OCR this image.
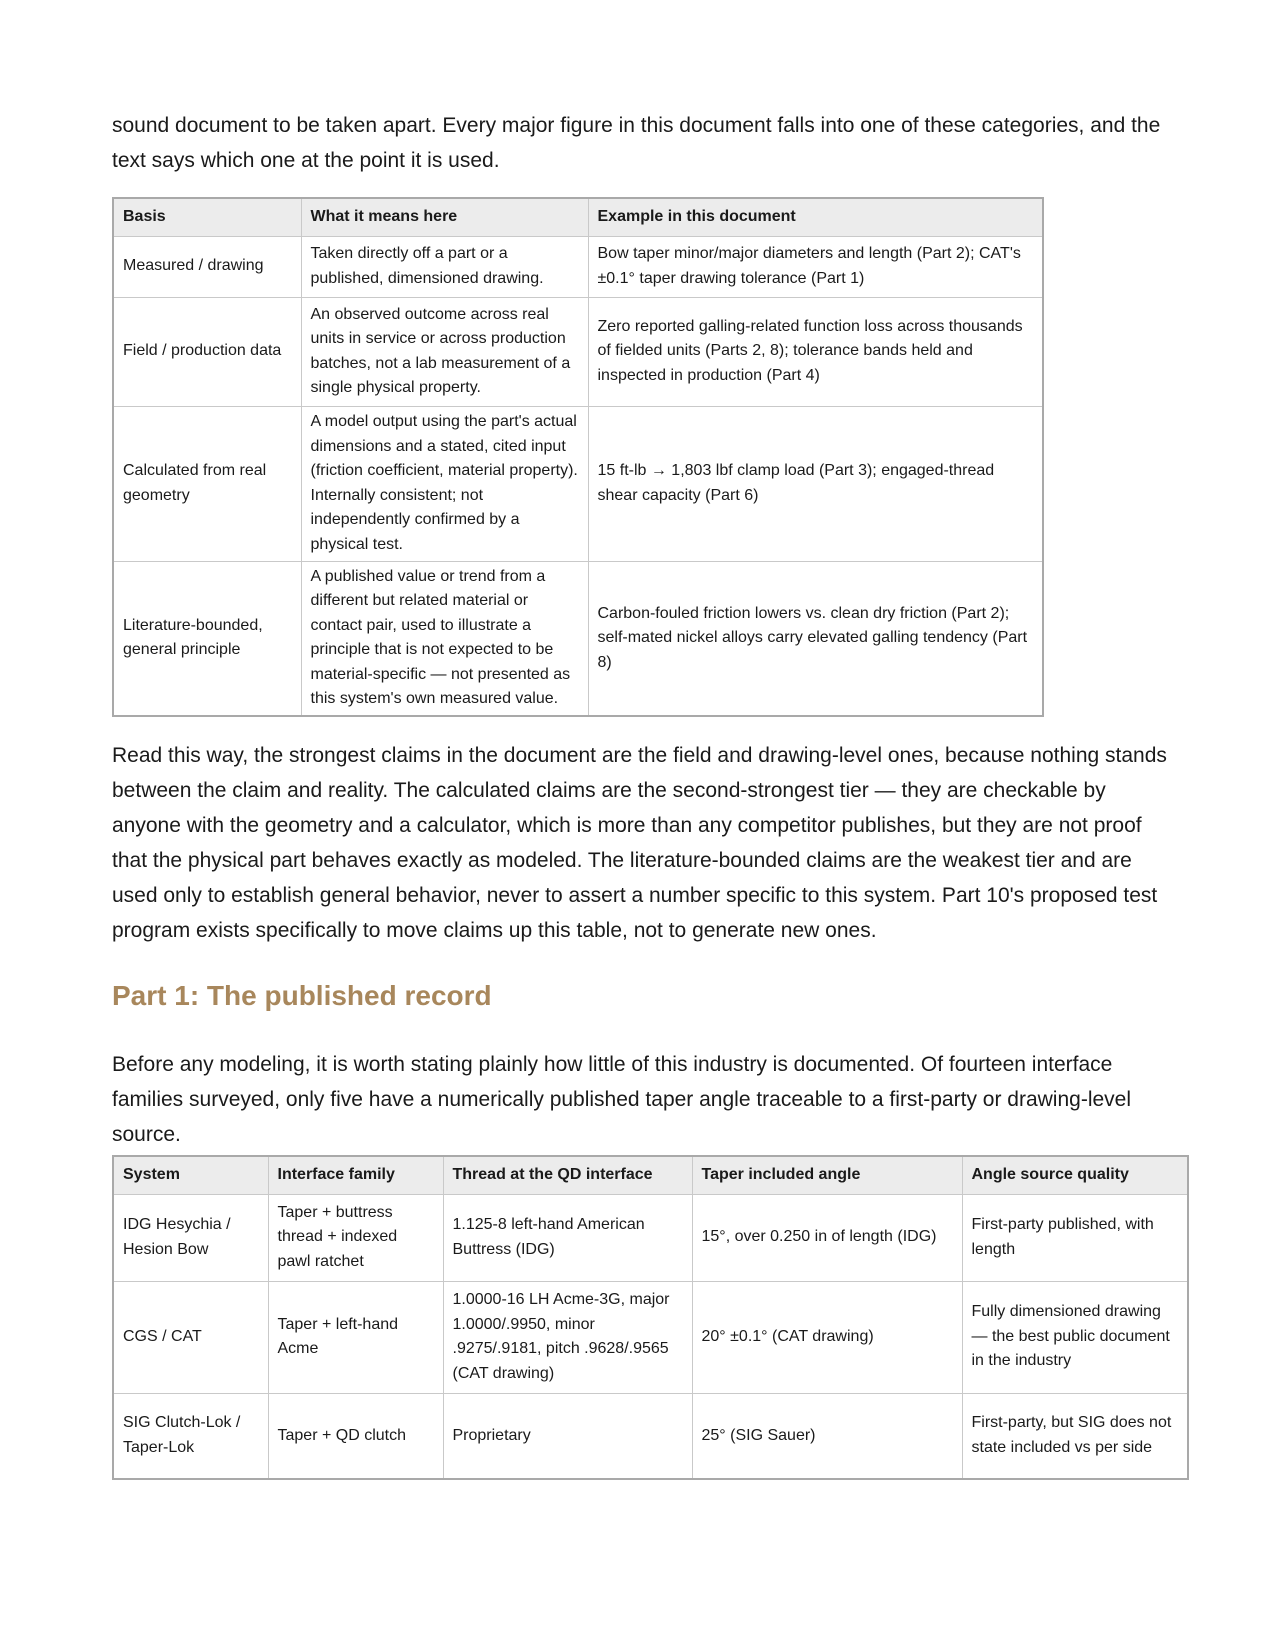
sound document to be taken apart. Every major figure in this document falls into one of these categories, and the text says which one at the point it is used.

Basis	What it means here	Example in this document
Measured / drawing	Taken directly off a part or a published, dimensioned drawing.	Bow taper minor/major diameters and length (Part 2); CAT's ±0.1° taper drawing tolerance (Part 1)
Field / production data	An observed outcome across real units in service or across production batches, not a lab measurement of a single physical property.	Zero reported galling-related function loss across thousands of fielded units (Parts 2, 8); tolerance bands held and inspected in production (Part 4)
Calculated from real geometry	A model output using the part's actual dimensions and a stated, cited input (friction coefficient, material property). Internally consistent; not independently confirmed by a physical test.	15 ft-lb → 1,803 lbf clamp load (Part 3); engaged-thread shear capacity (Part 6)
Literature-bounded, general principle	A published value or trend from a different but related material or contact pair, used to illustrate a principle that is not expected to be material-specific — not presented as this system's own measured value.	Carbon-fouled friction lowers vs. clean dry friction (Part 2); self-mated nickel alloys carry elevated galling tendency (Part 8)

Read this way, the strongest claims in the document are the field and drawing-level ones, because nothing stands between the claim and reality. The calculated claims are the second-strongest tier — they are checkable by anyone with the geometry and a calculator, which is more than any competitor publishes, but they are not proof that the physical part behaves exactly as modeled. The literature-bounded claims are the weakest tier and are used only to establish general behavior, never to assert a number specific to this system. Part 10's proposed test program exists specifically to move claims up this table, not to generate new ones.

Part 1: The published record

Before any modeling, it is worth stating plainly how little of this industry is documented. Of fourteen interface families surveyed, only five have a numerically published taper angle traceable to a first-party or drawing-level source.

System	Interface family	Thread at the QD interface	Taper included angle	Angle source quality
IDG Hesychia / Hesion Bow	Taper + buttress thread + indexed pawl ratchet	1.125-8 left-hand American Buttress (IDG)	15°, over 0.250 in of length (IDG)	First-party published, with length
CGS / CAT	Taper + left-hand Acme	1.0000-16 LH Acme-3G, major 1.0000/.9950, minor .9275/.9181, pitch .9628/.9565 (CAT drawing)	20° ±0.1° (CAT drawing)	Fully dimensioned drawing — the best public document in the industry
SIG Clutch-Lok / Taper-Lok	Taper + QD clutch	Proprietary	25° (SIG Sauer)	First-party, but SIG does not state included vs per side
